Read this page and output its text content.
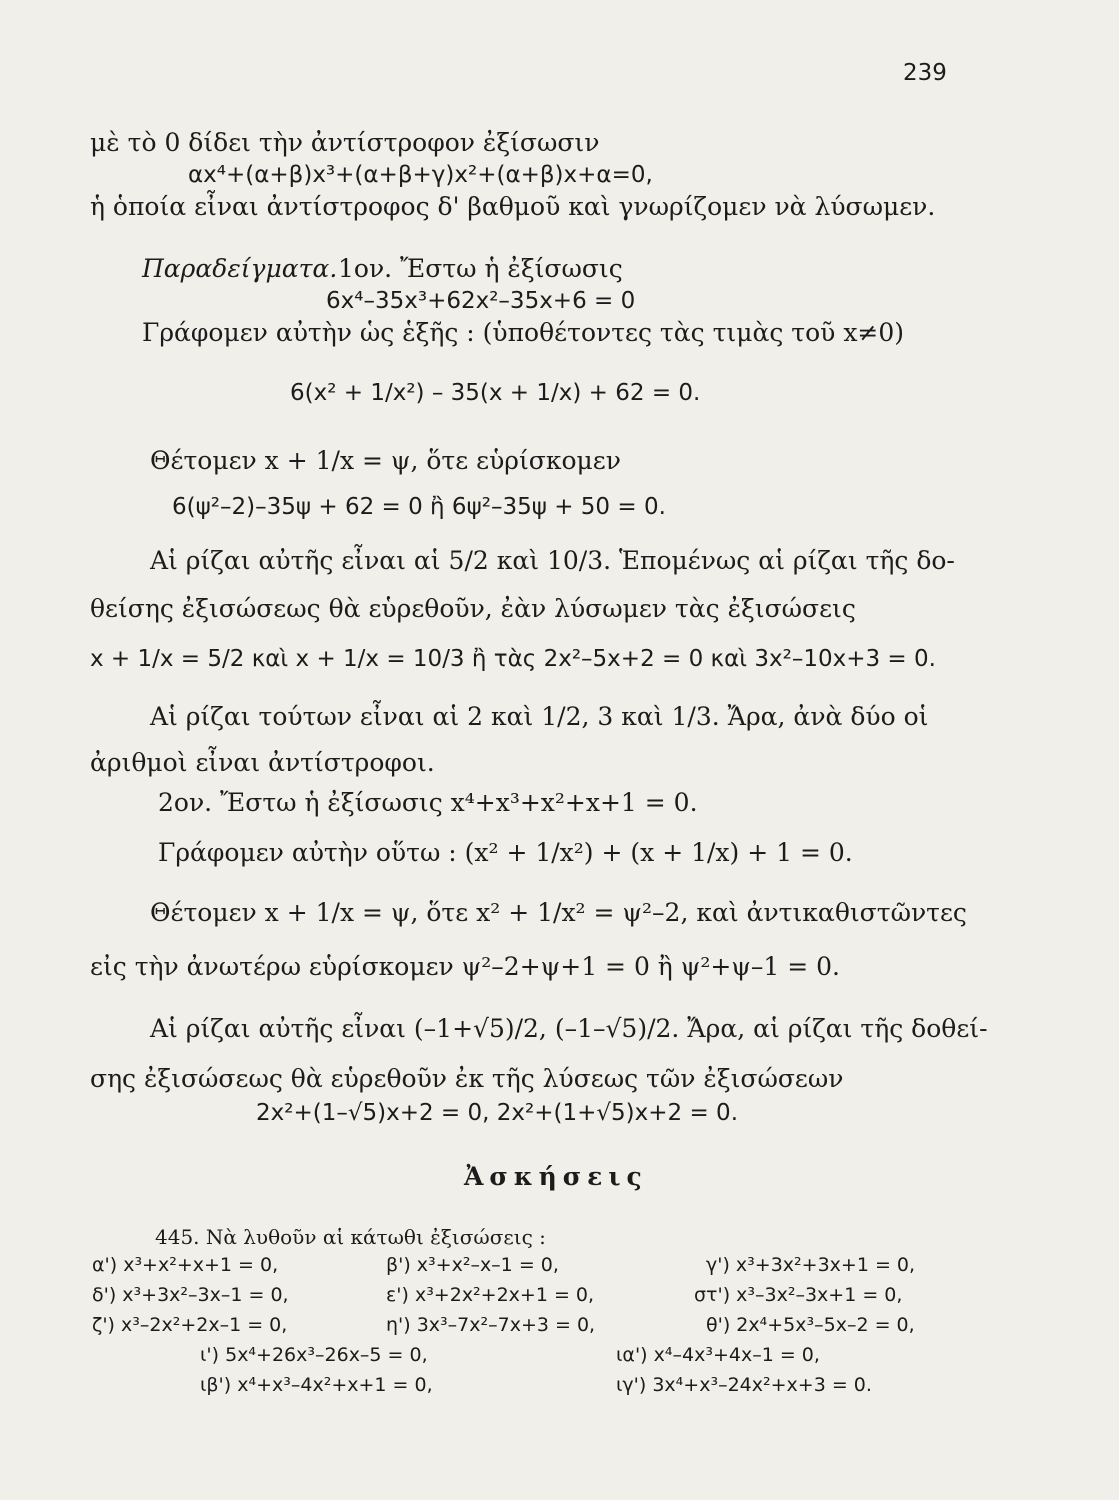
239
μὲ τὸ 0 δίδει τὴν ἀντίστροφον ἐξίσωσιν
αx⁴+(α+β)x³+(α+β+γ)x²+(α+β)x+α=0,
ἡ ὁποία εἶναι ἀντίστροφος δ' βαθμοῦ καὶ γνωρίζομεν νὰ λύσωμεν.
Παραδείγματα. 1ον. Ἔστω ἡ ἐξίσωσις
6x⁴–35x³+62x²–35x+6 = 0
Γράφομεν αὐτὴν ὡς ἑξῆς : (ὑποθέτοντες τὰς τιμὰς τοῦ x≠0)
6(x² + 1/x²) – 35(x + 1/x) + 62 = 0.
Θέτομεν x + 1/x = ψ, ὅτε εὑρίσκομεν
6(ψ²–2)–35ψ + 62 = 0 ἢ 6ψ²–35ψ + 50 = 0.
Αἱ ρίζαι αὐτῆς εἶναι αἱ 5/2 καὶ 10/3. Ἑπομένως αἱ ρίζαι τῆς δο-
θείσης ἐξισώσεως θὰ εὑρεθοῦν, ἐὰν λύσωμεν τὰς ἐξισώσεις
x + 1/x = 5/2 καὶ x + 1/x = 10/3 ἢ τὰς 2x²–5x+2 = 0 καὶ 3x²–10x+3 = 0.
Αἱ ρίζαι τούτων εἶναι αἱ 2 καὶ 1/2, 3 καὶ 1/3. Ἄρα, ἀνὰ δύο οἱ
ἀριθμοὶ εἶναι ἀντίστροφοι.
2ον. Ἔστω ἡ ἐξίσωσις x⁴+x³+x²+x+1 = 0.
Γράφομεν αὐτὴν οὕτω : (x² + 1/x²) + (x + 1/x) + 1 = 0.
Θέτομεν x + 1/x = ψ, ὅτε x² + 1/x² = ψ²–2, καὶ ἀντικαθιστῶντες
εἰς τὴν ἀνωτέρω εὑρίσκομεν ψ²–2+ψ+1 = 0 ἢ ψ²+ψ–1 = 0.
Αἱ ρίζαι αὐτῆς εἶναι (–1+√5)/2, (–1–√5)/2. Ἄρα, αἱ ρίζαι τῆς δοθεί-
σης ἐξισώσεως θὰ εὑρεθοῦν ἐκ τῆς λύσεως τῶν ἐξισώσεων
2x²+(1–√5)x+2 = 0, 2x²+(1+√5)x+2 = 0.
Ἀσκήσεις
445. Νὰ λυθοῦν αἱ κάτωθι ἐξισώσεις :
α') x³+x²+x+1 = 0,	β') x³+x²–x–1 = 0,	γ') x³+3x²+3x+1 = 0,
δ') x³+3x²–3x–1 = 0,	ε') x³+2x²+2x+1 = 0,	στ') x³–3x²–3x+1 = 0,
ζ') x³–2x²+2x–1 = 0,	η') 3x³–7x²–7x+3 = 0,	θ') 2x⁴+5x³–5x–2 = 0,
ι') 5x⁴+26x³–26x–5 = 0,	ια') x⁴–4x³+4x–1 = 0,
ιβ') x⁴+x³–4x²+x+1 = 0,	ιγ') 3x⁴+x³–24x²+x+3 = 0.
